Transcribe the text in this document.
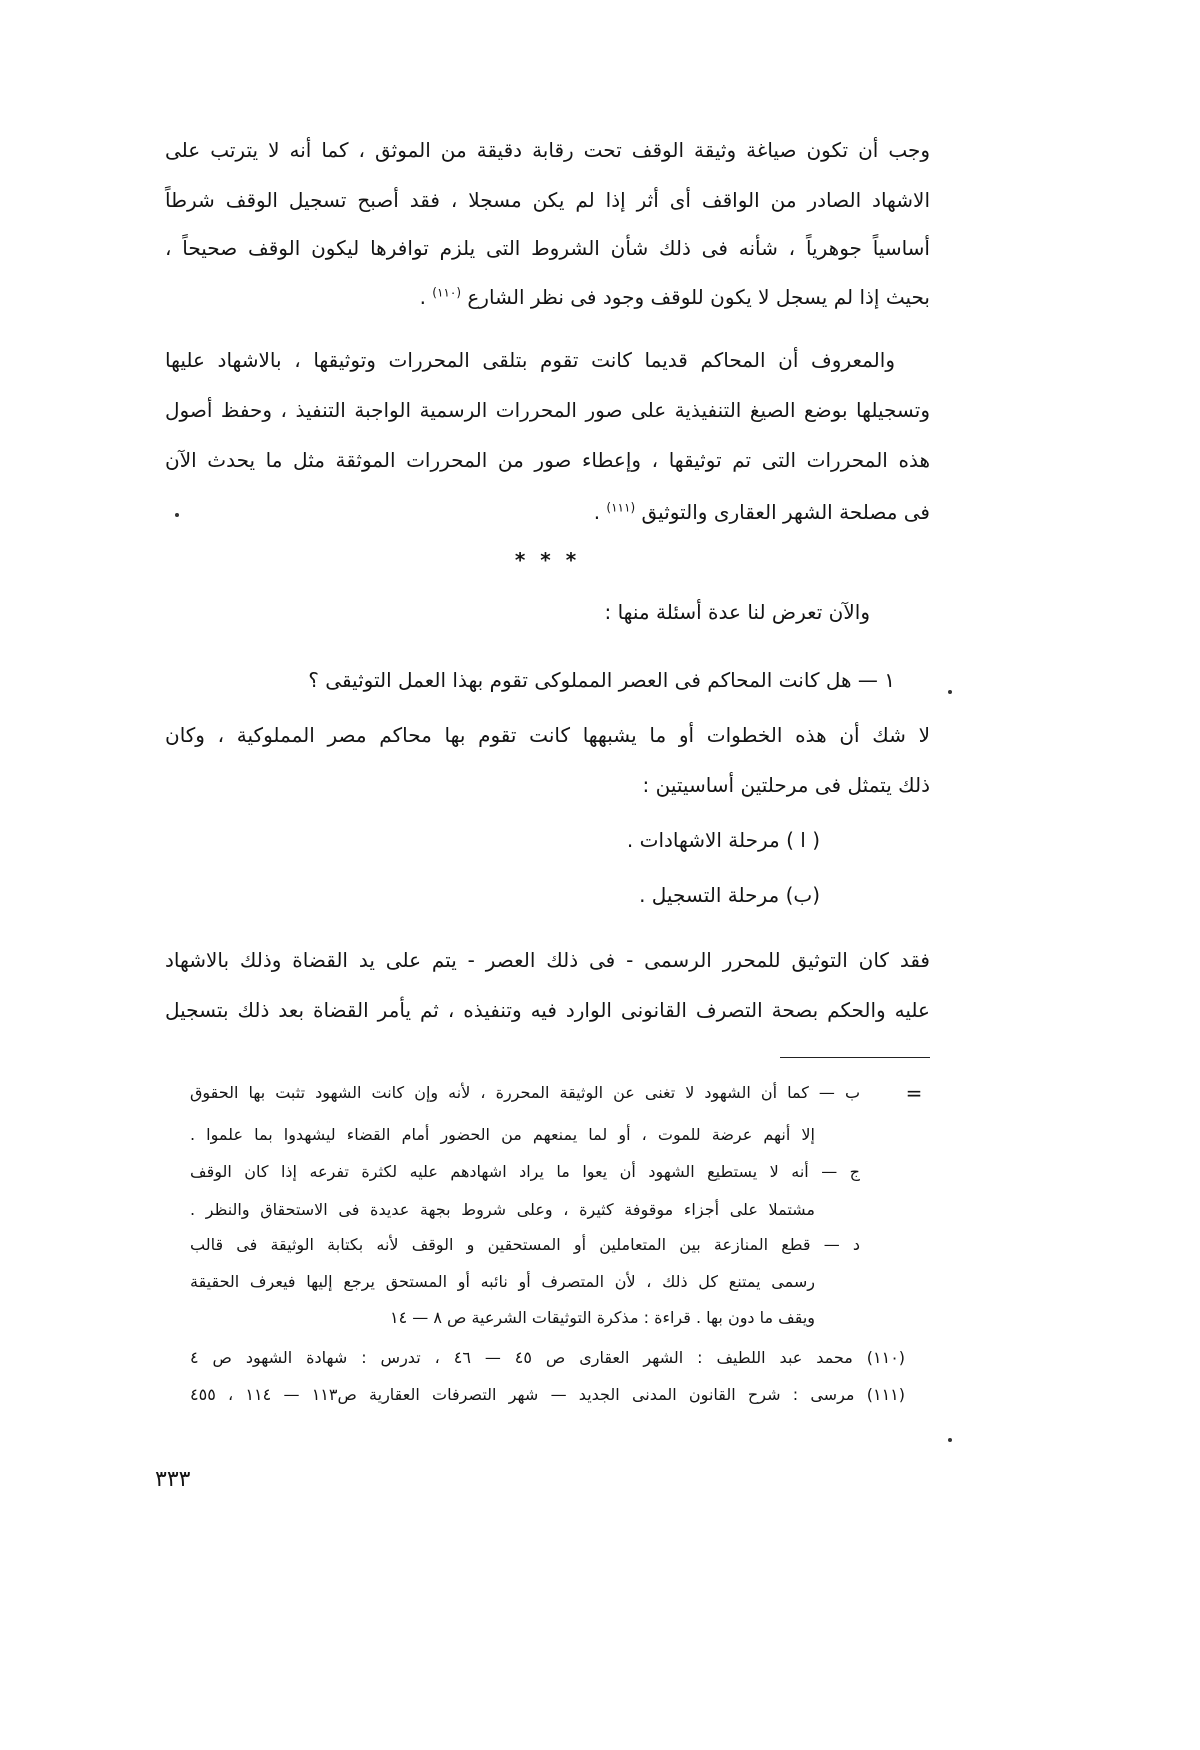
وجب أن تكون صياغة وثيقة الوقف تحت رقابة دقيقة من الموثق ، كما أنه لا يترتب على
الاشهاد الصادر من الواقف أى أثر إذا لم يكن مسجلا ، فقد أصبح تسجيل الوقف شرطاً
أساسياً جوهرياً ، شأنه فى ذلك شأن الشروط التى يلزم توافرها ليكون الوقف صحيحاً ،
بحيث إذا لم يسجل لا يكون للوقف وجود فى نظر الشارع $^{(١١٠)}$ .
والمعروف أن المحاكم قديما كانت تقوم بتلقى المحررات وتوثيقها ، بالاشهاد عليها
وتسجيلها بوضع الصيغ التنفيذية على صور المحررات الرسمية الواجبة التنفيذ ، وحفظ أصول
هذه المحررات التى تم توثيقها ، وإعطاء صور من المحررات الموثقة مثل ما يحدث الآن
فى مصلحة الشهر العقارى والتوثيق $^{(١١١)}$ .
* * *
والآن تعرض لنا عدة أسئلة منها :
١ — هل كانت المحاكم فى العصر المملوكى تقوم بهذا العمل التوثيقى ؟
لا شك أن هذه الخطوات أو ما يشبهها كانت تقوم بها محاكم مصر المملوكية ، وكان
ذلك يتمثل فى مرحلتين أساسيتين :
( ا ) مرحلة الاشهادات .
(ب) مرحلة التسجيل .
فقد كان التوثيق للمحرر الرسمى - فى ذلك العصر - يتم على يد القضاة وذلك بالاشهاد
عليه والحكم بصحة التصرف القانونى الوارد فيه وتنفيذه ، ثم يأمر القضاة بعد ذلك بتسجيل
=
ب — كما أن الشهود لا تغنى عن الوثيقة المحررة ، لأنه وإن كانت الشهود تثبت بها الحقوق
إلا أنهم عرضة للموت ، أو لما يمنعهم من الحضور أمام القضاء ليشهدوا بما علموا .
ج — أنه لا يستطيع الشهود أن يعوا ما يراد اشهادهم عليه لكثرة تفرعه إذا كان الوقف
مشتملا على أجزاء موقوفة كثيرة ، وعلى شروط بجهة عديدة فى الاستحقاق والنظر .
د — قطع المنازعة بين المتعاملين أو المستحقين و الوقف لأنه بكتابة الوثيقة فى قالب
رسمى يمتنع كل ذلك ، لأن المتصرف أو نائبه أو المستحق يرجع إليها فيعرف الحقيقة
ويقف ما دون بها . قراءة : مذكرة التوثيقات الشرعية ص ٨ — ١٤
(١١٠) محمد عبد اللطيف : الشهر العقارى ص ٤٥ — ٤٦ ، تدرس : شهادة الشهود ص ٤
(١١١) مرسى : شرح القانون المدنى الجديد — شهر التصرفات العقارية ص١١٣ — ١١٤ ، ٤٥٥
٣٣٣
